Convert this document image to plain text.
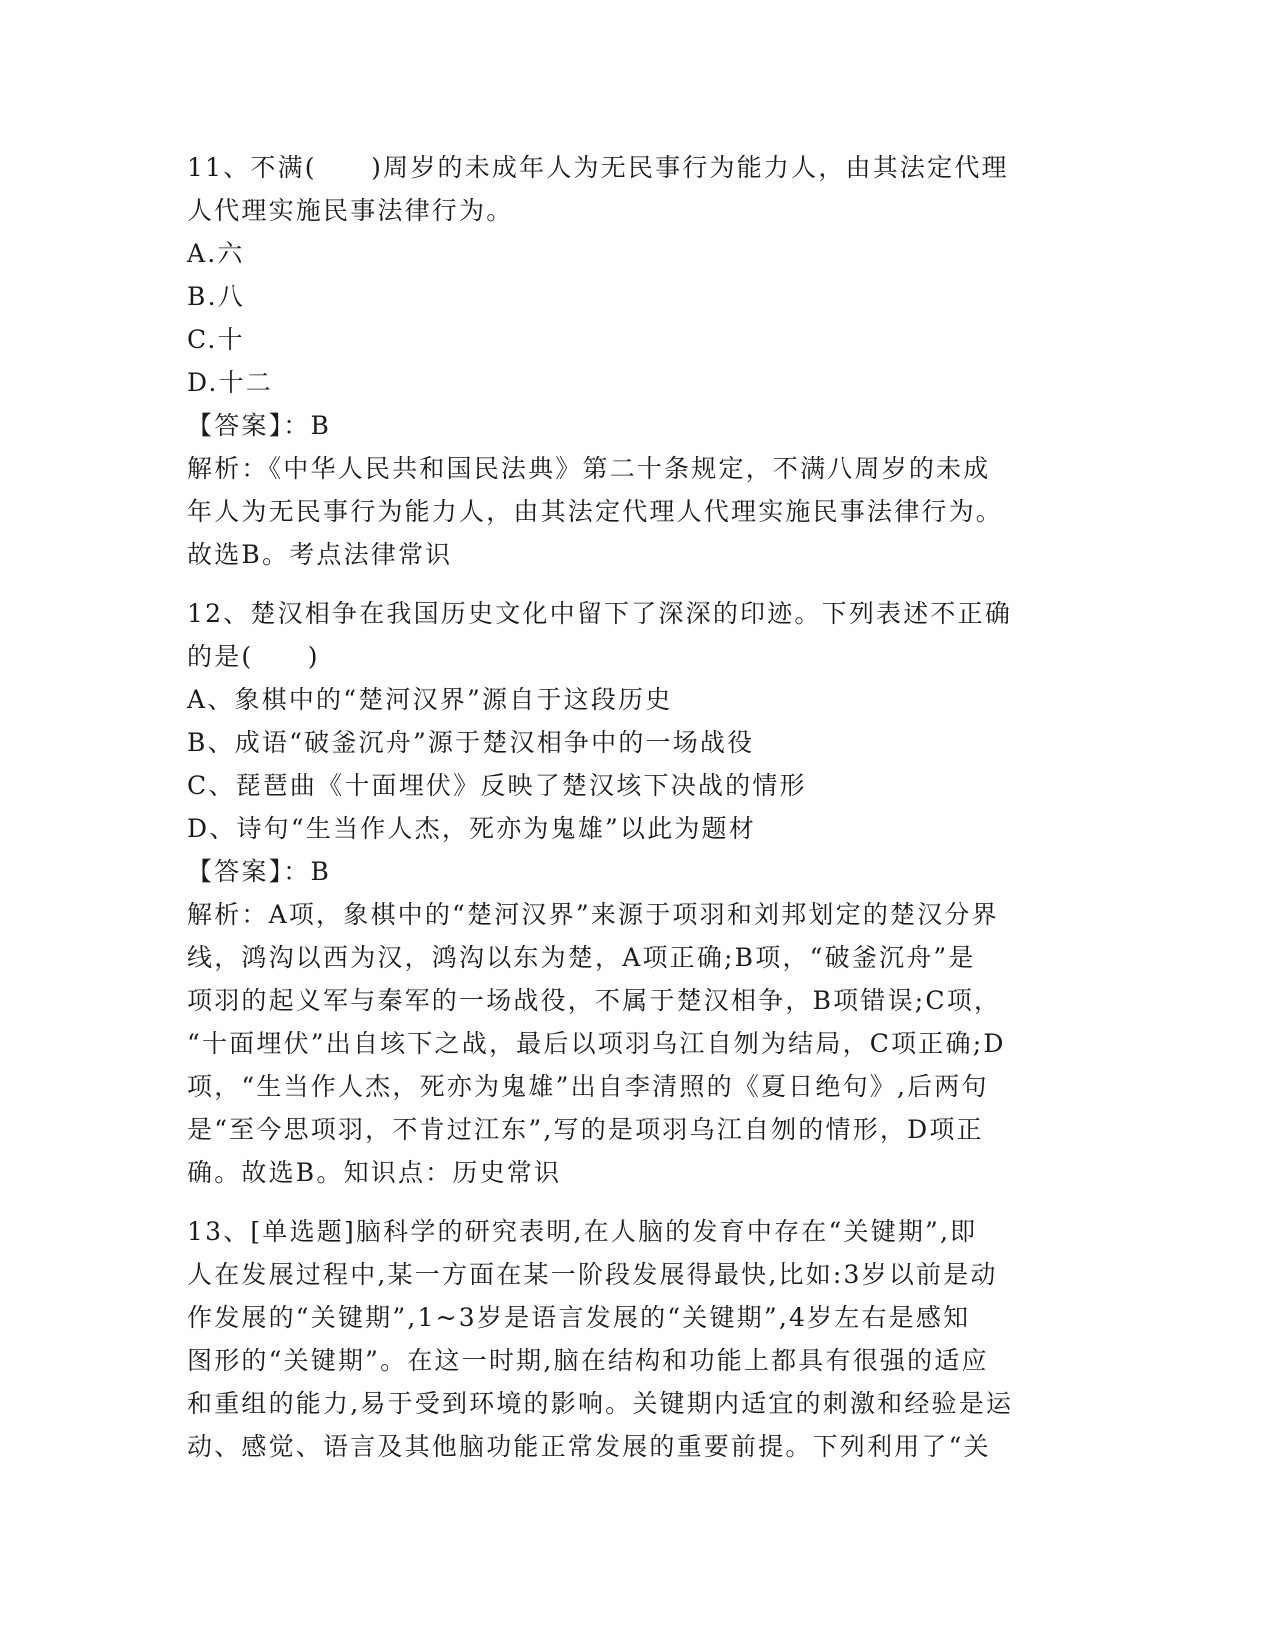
11、不满(　　)周岁的未成年人为无民事行为能力人，由其法定代理
人代理实施民事法律行为。
A.六
B.八
C.十
D.十二
【答案】：B
解析：《中华人民共和国民法典》第二十条规定，不满八周岁的未成
年人为无民事行为能力人，由其法定代理人代理实施民事法律行为。
故选B。考点法律常识
12、楚汉相争在我国历史文化中留下了深深的印迹。下列表述不正确
的是(　　)
A、象棋中的“楚河汉界”源自于这段历史
B、成语“破釜沉舟”源于楚汉相争中的一场战役
C、琵琶曲《十面埋伏》反映了楚汉垓下决战的情形
D、诗句“生当作人杰，死亦为鬼雄”以此为题材
【答案】：B
解析：A项，象棋中的“楚河汉界”来源于项羽和刘邦划定的楚汉分界
线，鸿沟以西为汉，鸿沟以东为楚，A项正确;B项，“破釜沉舟”是
项羽的起义军与秦军的一场战役，不属于楚汉相争，B项错误;C项，
“十面埋伏”出自垓下之战，最后以项羽乌江自刎为结局，C项正确;D
项，“生当作人杰，死亦为鬼雄”出自李清照的《夏日绝句》,后两句
是“至今思项羽，不肯过江东”,写的是项羽乌江自刎的情形，D项正
确。故选B。知识点：历史常识
13、[单选题]脑科学的研究表明,在人脑的发育中存在“关键期”,即
人在发展过程中,某一方面在某一阶段发展得最快,比如:3岁以前是动
作发展的“关键期”,1~3岁是语言发展的“关键期”,4岁左右是感知
图形的“关键期”。在这一时期,脑在结构和功能上都具有很强的适应
和重组的能力,易于受到环境的影响。关键期内适宜的刺激和经验是运
动、感觉、语言及其他脑功能正常发展的重要前提。下列利用了“关
